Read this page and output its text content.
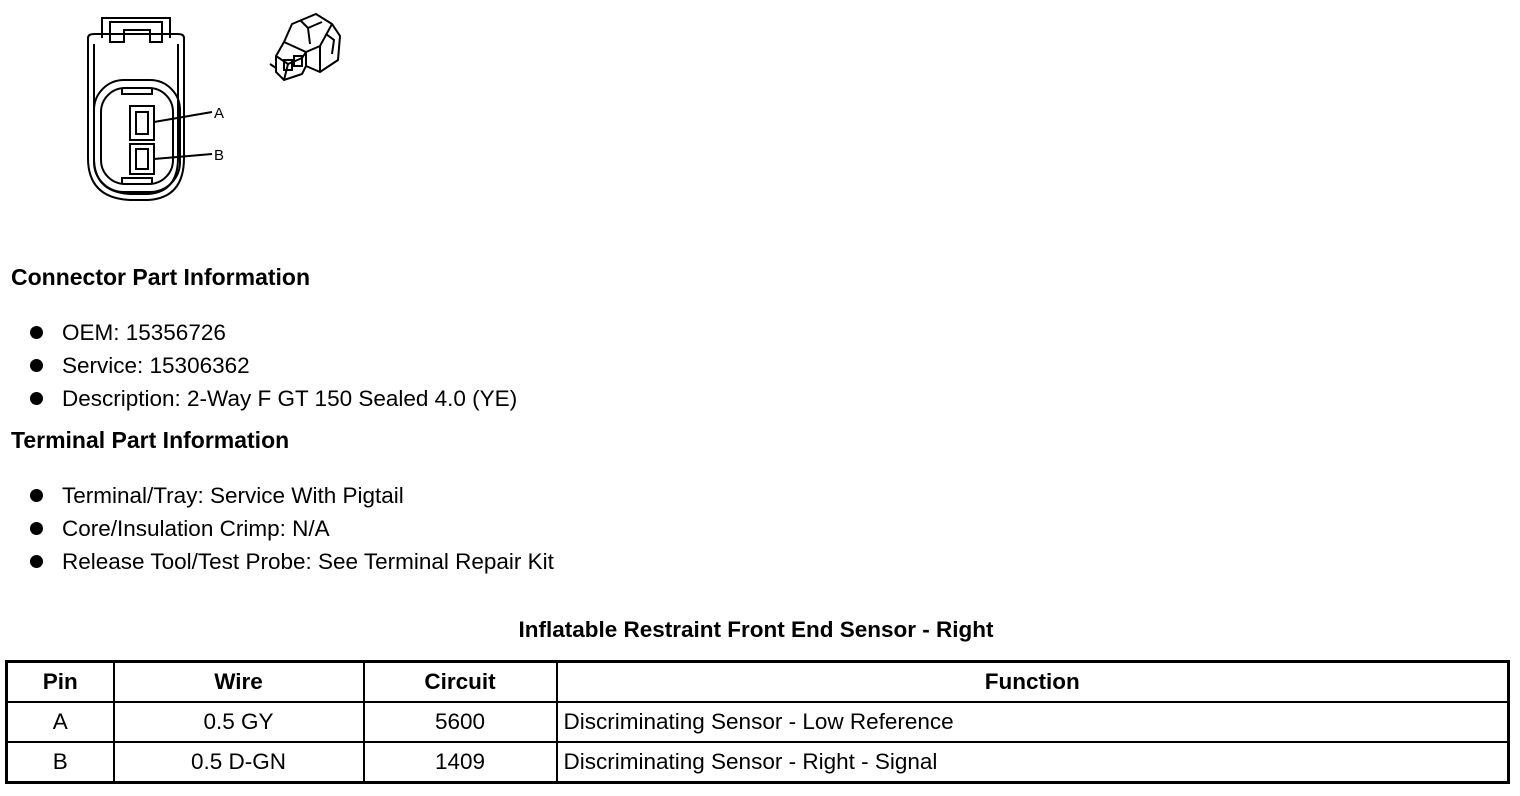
A
B
Connector Part Information
OEM: 15356726
Service: 15306362
Description: 2-Way F GT 150 Sealed 4.0 (YE)
Terminal Part Information
Terminal/Tray: Service With Pigtail
Core/Insulation Crimp: N/A
Release Tool/Test Probe: See Terminal Repair Kit
Inflatable Restraint Front End Sensor - Right
Pin	Wire	Circuit	Function
A	0.5 GY	5600	Discriminating Sensor - Low Reference
B	0.5 D-GN	1409	Discriminating Sensor - Right - Signal
